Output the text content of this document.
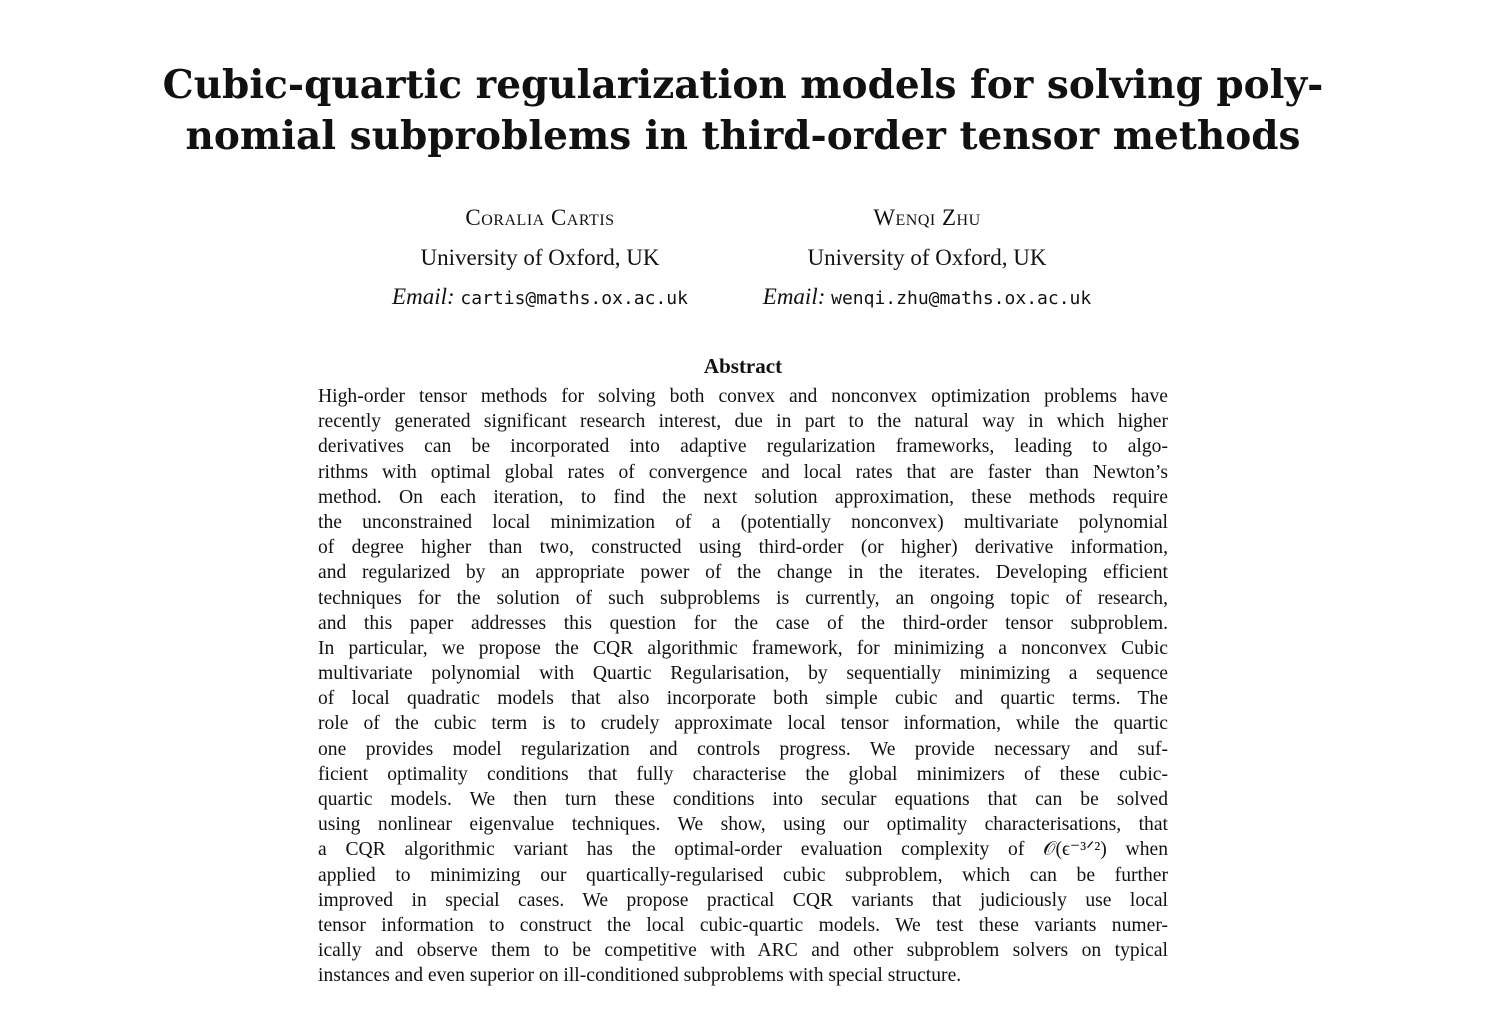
Cubic-quartic regularization models for solving poly-
nomial subproblems in third-order tensor methods
Coralia Cartis
University of Oxford, UK
Email: cartis@maths.ox.ac.uk
Wenqi Zhu
University of Oxford, UK
Email: wenqi.zhu@maths.ox.ac.uk
Abstract
High-order tensor methods for solving both convex and nonconvex optimization problems have
recently generated significant research interest, due in part to the natural way in which higher
derivatives can be incorporated into adaptive regularization frameworks, leading to algo-
rithms with optimal global rates of convergence and local rates that are faster than Newton’s
method. On each iteration, to find the next solution approximation, these methods require
the unconstrained local minimization of a (potentially nonconvex) multivariate polynomial
of degree higher than two, constructed using third-order (or higher) derivative information,
and regularized by an appropriate power of the change in the iterates. Developing efficient
techniques for the solution of such subproblems is currently, an ongoing topic of research,
and this paper addresses this question for the case of the third-order tensor subproblem.
In particular, we propose the CQR algorithmic framework, for minimizing a nonconvex Cubic
multivariate polynomial with Quartic Regularisation, by sequentially minimizing a sequence
of local quadratic models that also incorporate both simple cubic and quartic terms. The
role of the cubic term is to crudely approximate local tensor information, while the quartic
one provides model regularization and controls progress. We provide necessary and suf-
ficient optimality conditions that fully characterise the global minimizers of these cubic-
quartic models. We then turn these conditions into secular equations that can be solved
using nonlinear eigenvalue techniques. We show, using our optimality characterisations, that
a CQR algorithmic variant has the optimal-order evaluation complexity of 𝒪(ϵ⁻³ᐟ²) when
applied to minimizing our quartically-regularised cubic subproblem, which can be further
improved in special cases. We propose practical CQR variants that judiciously use local
tensor information to construct the local cubic-quartic models. We test these variants numer-
ically and observe them to be competitive with ARC and other subproblem solvers on typical
instances and even superior on ill-conditioned subproblems with special structure.
